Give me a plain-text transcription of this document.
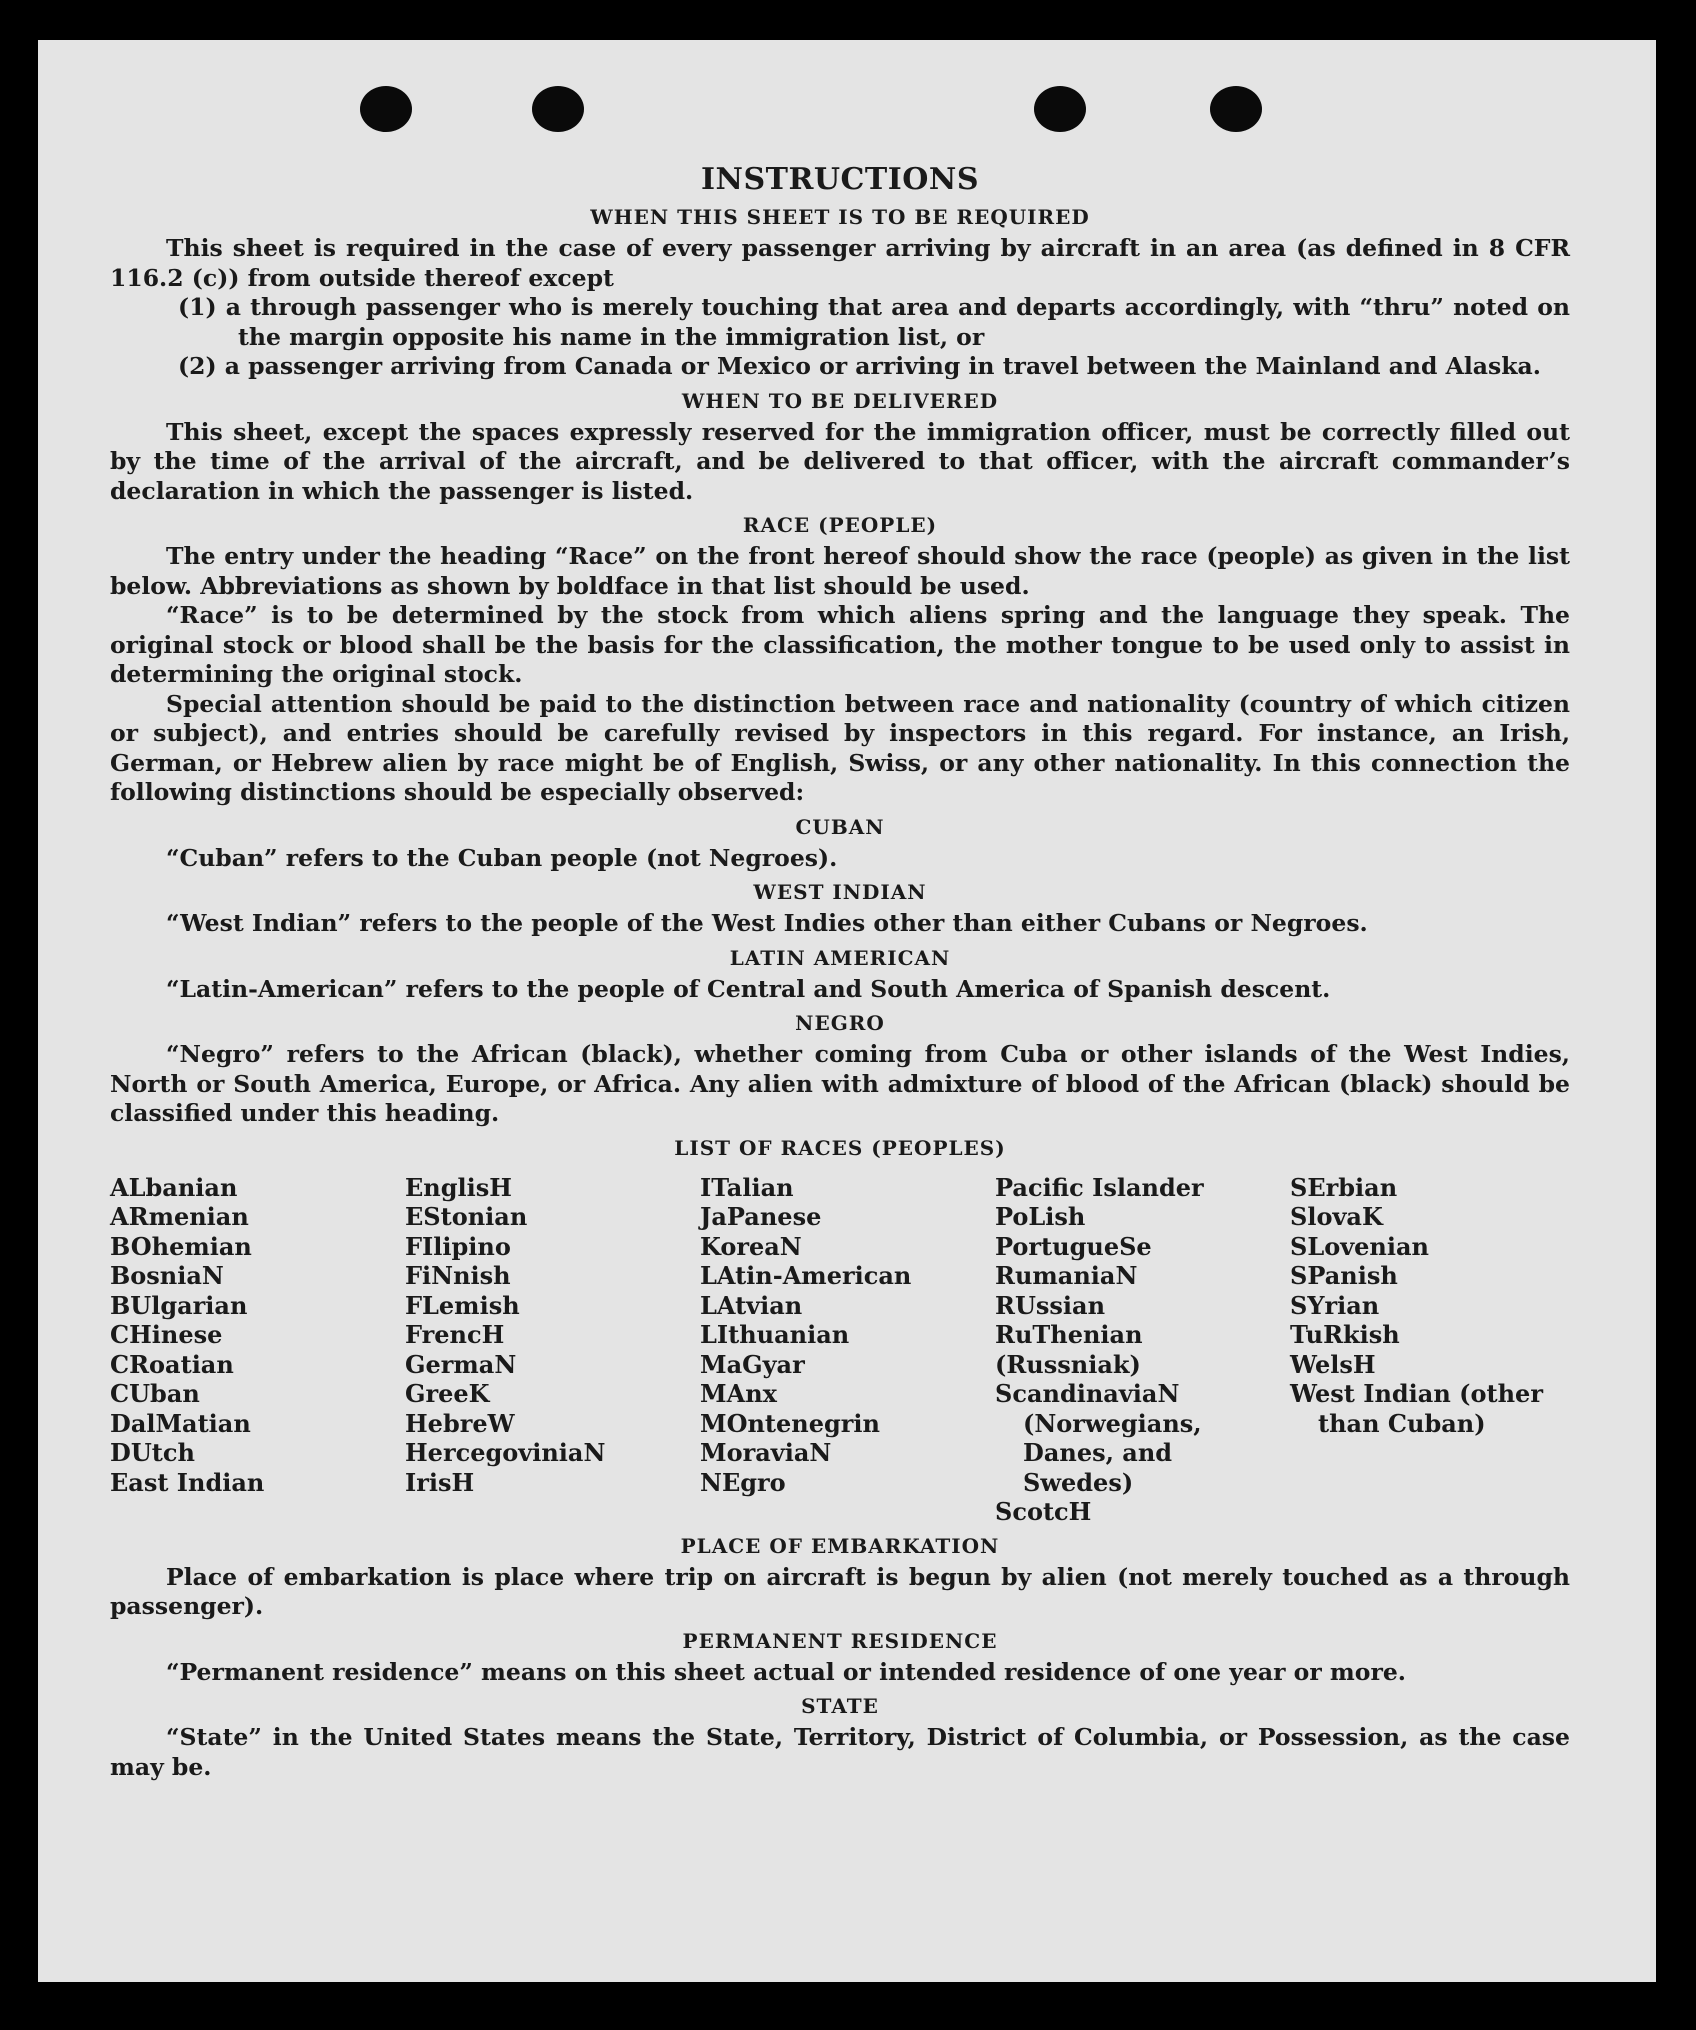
INSTRUCTIONS
WHEN THIS SHEET IS TO BE REQUIRED

This sheet is required in the case of every passenger arriving by aircraft in an area (as defined in 8 CFR 116.2 (c)) from outside thereof except

(1) a through passenger who is merely touching that area and departs accordingly, with “thru” noted on the margin opposite his name in the immigration list, or

(2) a passenger arriving from Canada or Mexico or arriving in travel between the Mainland and Alaska.

WHEN TO BE DELIVERED

This sheet, except the spaces expressly reserved for the immigration officer, must be correctly filled out by the time of the arrival of the aircraft, and be delivered to that officer, with the aircraft commander’s declaration in which the passenger is listed.

RACE (PEOPLE)

The entry under the heading “Race” on the front hereof should show the race (people) as given in the list below. Abbreviations as shown by boldface in that list should be used.

“Race” is to be determined by the stock from which aliens spring and the language they speak. The original stock or blood shall be the basis for the classification, the mother tongue to be used only to assist in determining the original stock.

Special attention should be paid to the distinction between race and nationality (country of which citizen or subject), and entries should be carefully revised by inspectors in this regard. For instance, an Irish, German, or Hebrew alien by race might be of English, Swiss, or any other nationality. In this connection the following distinctions should be especially observed:

CUBAN

“Cuban” refers to the Cuban people (not Negroes).

WEST INDIAN

“West Indian” refers to the people of the West Indies other than either Cubans or Negroes.

LATIN AMERICAN

“Latin-American” refers to the people of Central and South America of Spanish descent.

NEGRO

“Negro” refers to the African (black), whether coming from Cuba or other islands of the West Indies, North or South America, Europe, or Africa. Any alien with admixture of blood of the African (black) should be classified under this heading.

LIST OF RACES (PEOPLES)
ALbanian
ARmenian
BOhemian
BosniaN
BUlgarian
CHinese
CRoatian
CUban
DalMatian
DUtch
East Indian
EnglisH
EStonian
FIlipino
FiNnish
FLemish
FrencH
GermaN
GreeK
HebreW
HercegoviniaN
IrisH
ITalian
JaPanese
KoreaN
LAtin-American
LAtvian
LIthuanian
MaGyar
MAnx
MOntenegrin
MoraviaN
NEgro
Pacific Islander
PoLish
PortugueSe
RumaniaN
RUssian
RuThenian (Russniak)
ScandinaviaN (Norwegians, Danes, and Swedes)
ScotcH
SErbian
SlovaK
SLovenian
SPanish
SYrian
TuRkish
WelsH
West Indian (other than Cuban)
PLACE OF EMBARKATION

Place of embarkation is place where trip on aircraft is begun by alien (not merely touched as a through passenger).

PERMANENT RESIDENCE

“Permanent residence” means on this sheet actual or intended residence of one year or more.

STATE

“State” in the United States means the State, Territory, District of Columbia, or Possession, as the case may be.
